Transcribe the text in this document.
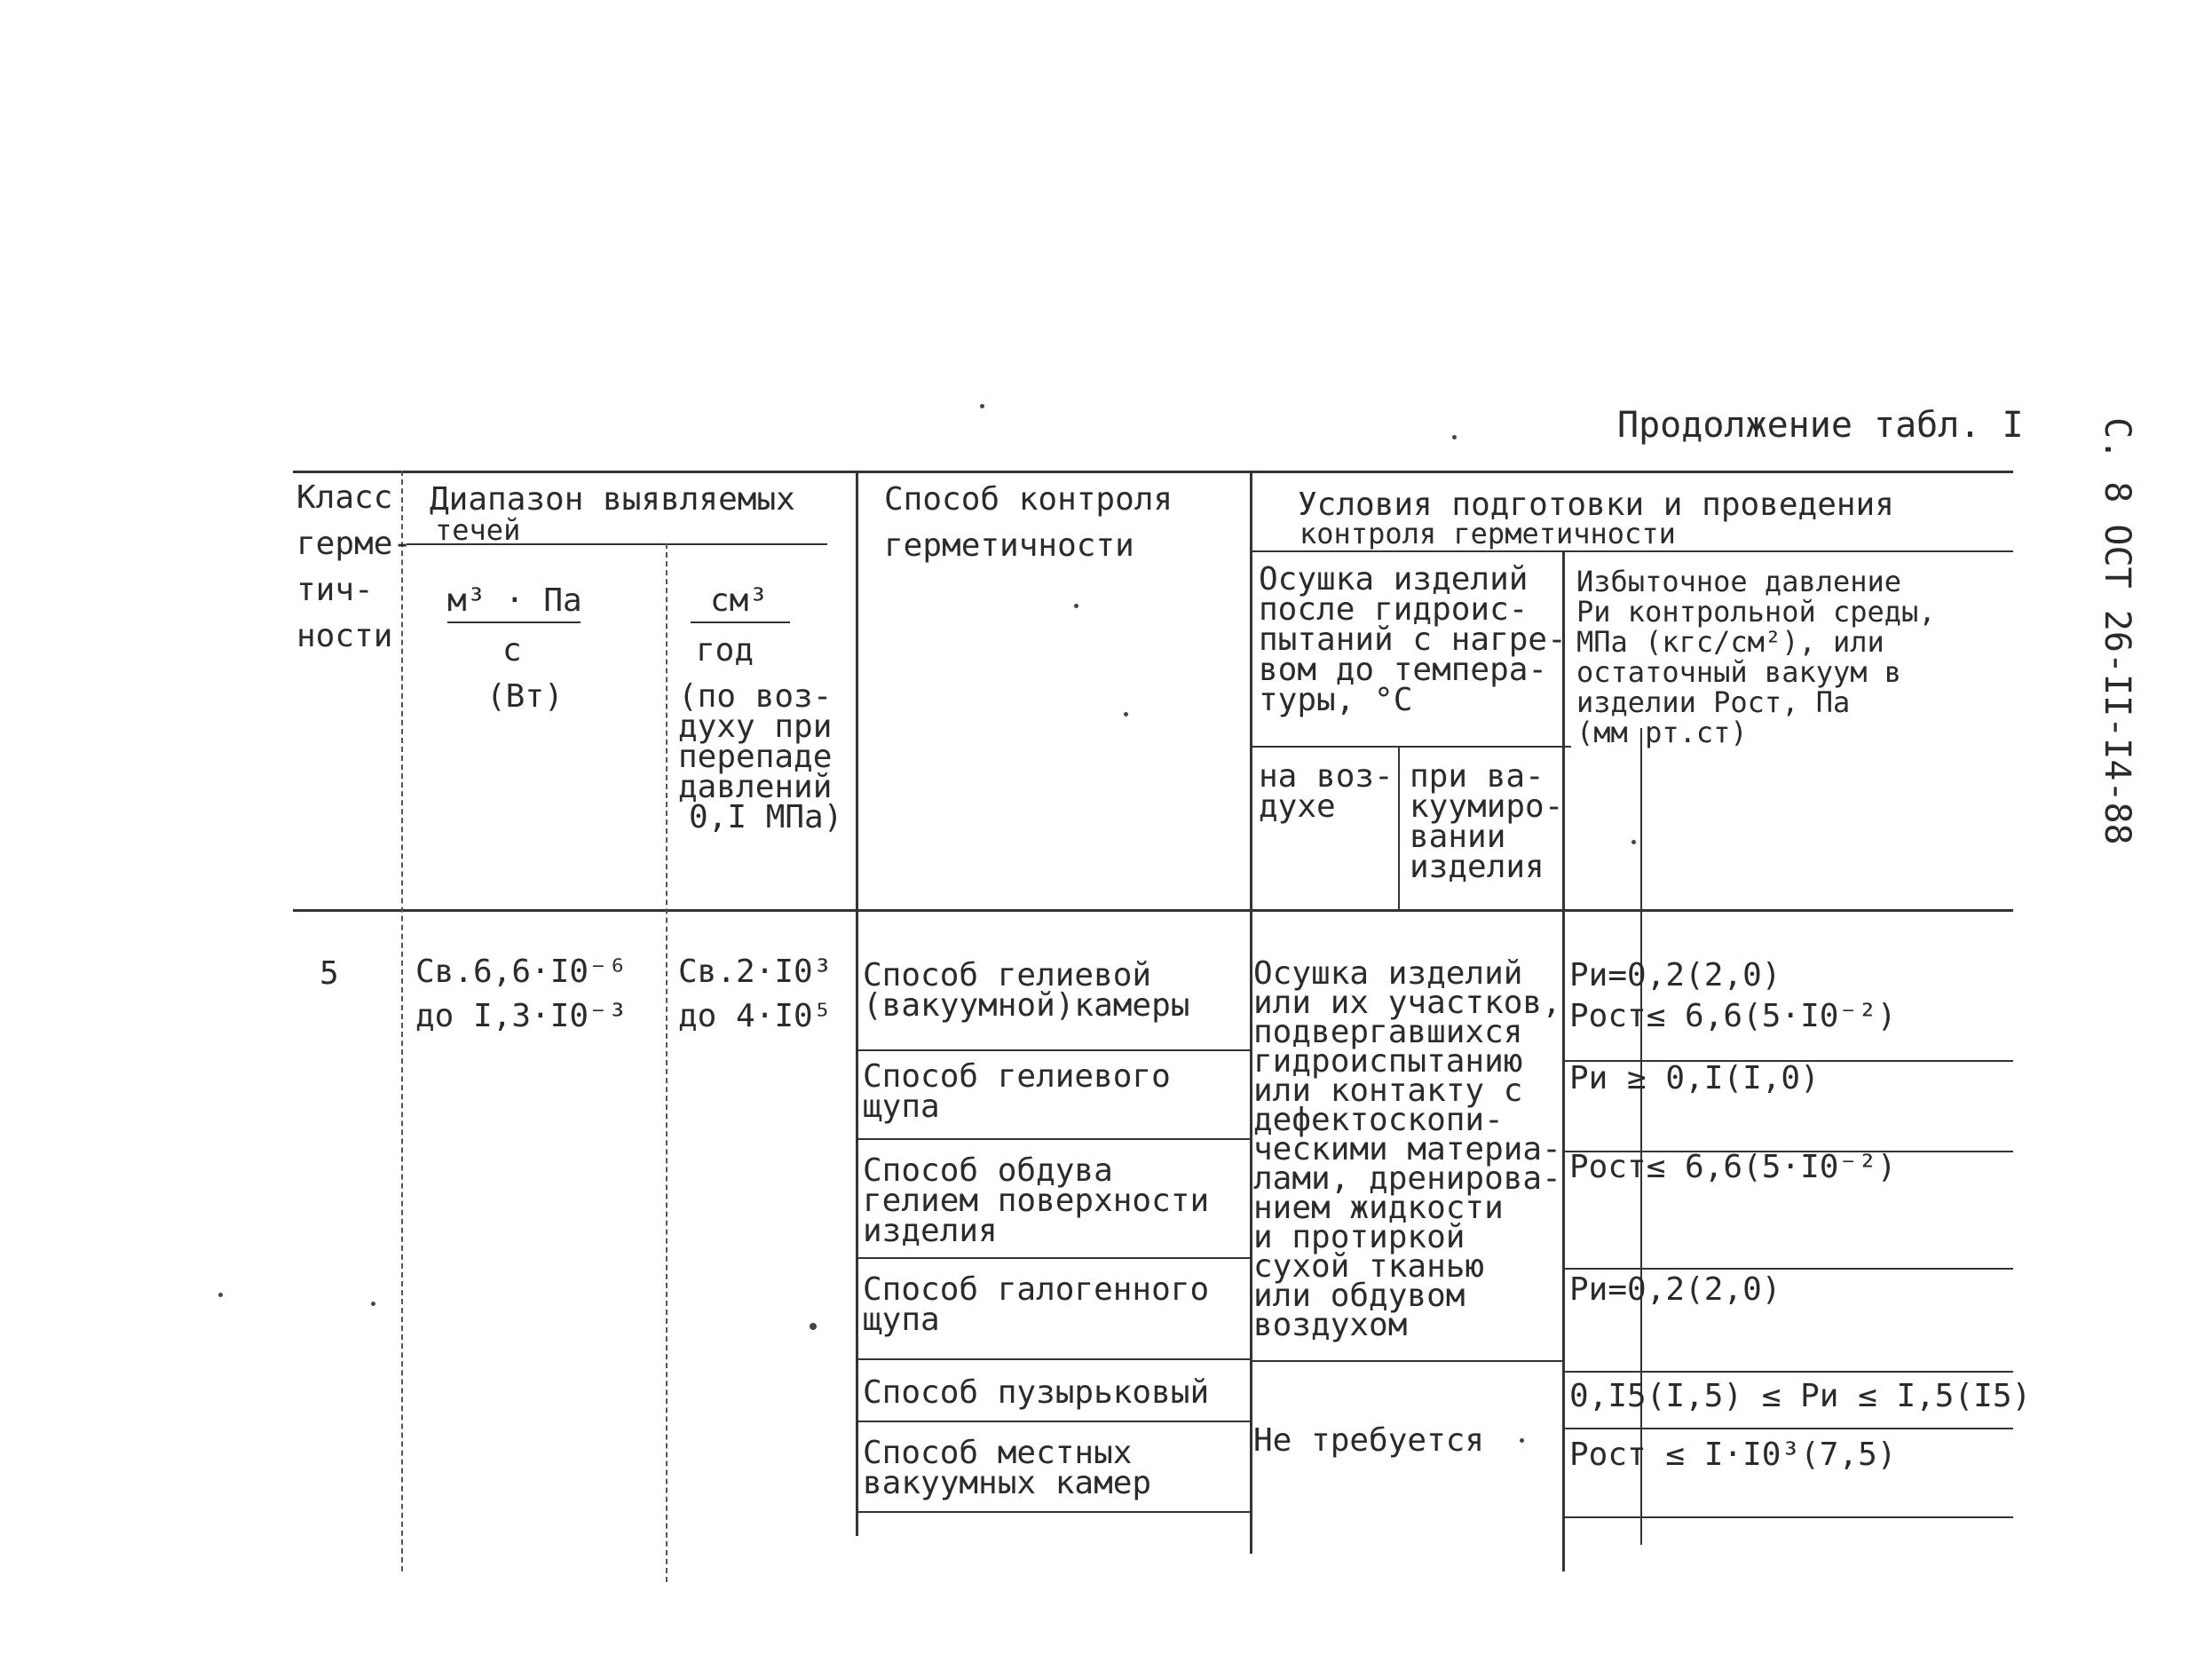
Продолжение табл. I С. 8 ОСТ 26-II-I4-88
Класс
герме-
тич-
ности
Диапазон выявляемых
течей
м³ · Па
с
(Вт)
см³
год
(по воз-
духу при
перепаде
давлений
0,I МПа)
Способ контроля
герметичности
Условия подготовки и проведения
контроля герметичности
Осушка изделий
после гидроис-
пытаний с нагре-
вом до темпера-
туры, °С
Избыточное давление
Ри контрольной среды,
МПа (кгс/см²), или
остаточный вакуум в
изделии Рост, Па
(мм рт.ст)
на воз-
духе
при ва-
куумиро-
вании
изделия
5 Св.6,6·I0⁻⁶
до I,3·I0⁻³
Св.2·I0³
до 4·I0⁵
Способ гелиевой
(вакуумной)камеры
Способ гелиевого
щупа
Способ обдува
гелием поверхности
изделия
Способ галогенного
щупа
Способ пузырьковый
Способ местных
вакуумных камер
Осушка изделий
или их участков,
подвергавшихся
гидроиспытанию
или контакту с
дефектоскопи-
ческими материа-
лами, дренирова-
нием жидкости
и протиркой
сухой тканью
или обдувом
воздухом
Не требуется
Ри=0,2(2,0)
Рост≤ 6,6(5·I0⁻²)
Ри ≥ 0,I(I,0)
Рост≤ 6,6(5·I0⁻²)
Ри=0,2(2,0)
0,I5(I,5) ≤ Ри ≤ I,5(I5)
Рост ≤ I·I0³(7,5)
